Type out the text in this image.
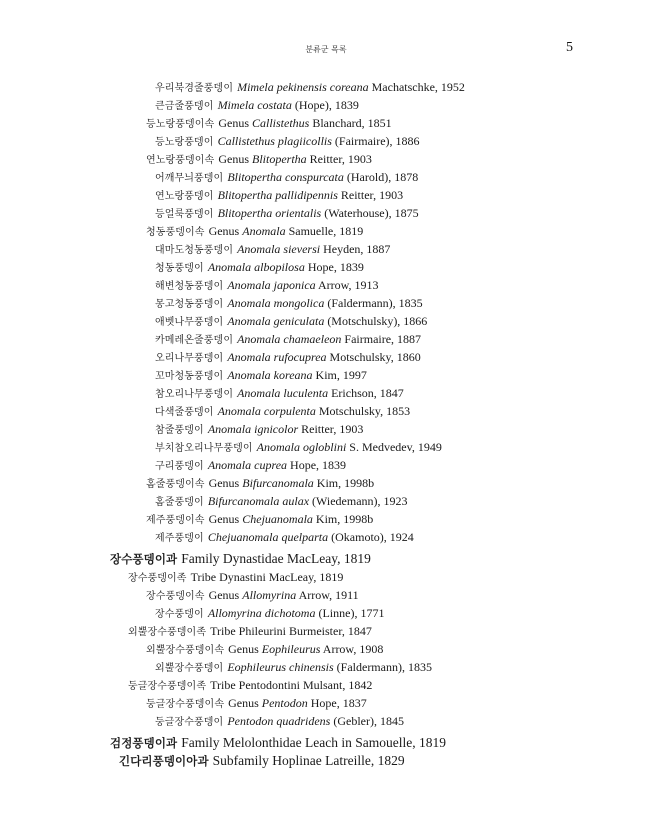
분류군 목록	5
우리북경줄풍뎅이 Mimela pekinensis coreana Machatschke, 1952
큰금줄풍뎅이 Mimela costata (Hope), 1839
등노랑풍뎅이속 Genus Callistethus Blanchard, 1851
등노랑풍뎅이 Callistethus plagiicollis (Fairmaire), 1886
연노랑풍뎅이속 Genus Blitopertha Reitter, 1903
어깨무늬풍뎅이 Blitopertha conspurcata (Harold), 1878
연노랑풍뎅이 Blitopertha pallidipennis Reitter, 1903
등얼룩풍뎅이 Blitopertha orientalis (Waterhouse), 1875
청동풍뎅이속 Genus Anomala Samuelle, 1819
대마도청동풍뎅이 Anomala sieversi Heyden, 1887
청동풍뎅이 Anomala albopilosa Hope, 1839
해변청동풍뎅이 Anomala japonica Arrow, 1913
몽고청동풍뎅이 Anomala mongolica (Faldermann), 1835
애벳나무풍뎅이 Anomala geniculata (Motschulsky), 1866
카메레온줄풍뎅이 Anomala chamaeleon Fairmaire, 1887
오리나무풍뎅이 Anomala rufocuprea Motschulsky, 1860
꼬마청동풍뎅이 Anomala koreana Kim, 1997
참오리나무풍뎅이 Anomala luculenta Erichson, 1847
다색줄풍뎅이 Anomala corpulenta Motschulsky, 1853
참줄풍뎅이 Anomala ignicolor Reitter, 1903
부치참오리나무풍뎅이 Anomala ogloblini S. Medvedev, 1949
구리풍뎅이 Anomala cuprea Hope, 1839
홈줄풍뎅이속 Genus Bifurcanomala Kim, 1998b
홈줄풍뎅이 Bifurcanomala aulax (Wiedemann), 1923
제주풍뎅이속 Genus Chejuanomala Kim, 1998b
제주풍뎅이 Chejuanomala quelparta (Okamoto), 1924
장수풍뎅이과 Family Dynastidae MacLeay, 1819
장수풍뎅이족 Tribe Dynastini MacLeay, 1819
장수풍뎅이속 Genus Allomyrina Arrow, 1911
장수풍뎅이 Allomyrina dichotoma (Linne), 1771
외뿔장수풍뎅이족 Tribe Phileurini Burmeister, 1847
외뿔장수풍뎅이속 Genus Eophileurus Arrow, 1908
외뿔장수풍뎅이 Eophileurus chinensis (Faldermann), 1835
둥글장수풍뎅이족 Tribe Pentodontini Mulsant, 1842
둥글장수풍뎅이속 Genus Pentodon Hope, 1837
둥글장수풍뎅이 Pentodon quadridens (Gebler), 1845
검정풍뎅이과 Family Melolonthidae Leach in Samouelle, 1819
긴다리풍뎅이아과 Subfamily Hoplinae Latreille, 1829
